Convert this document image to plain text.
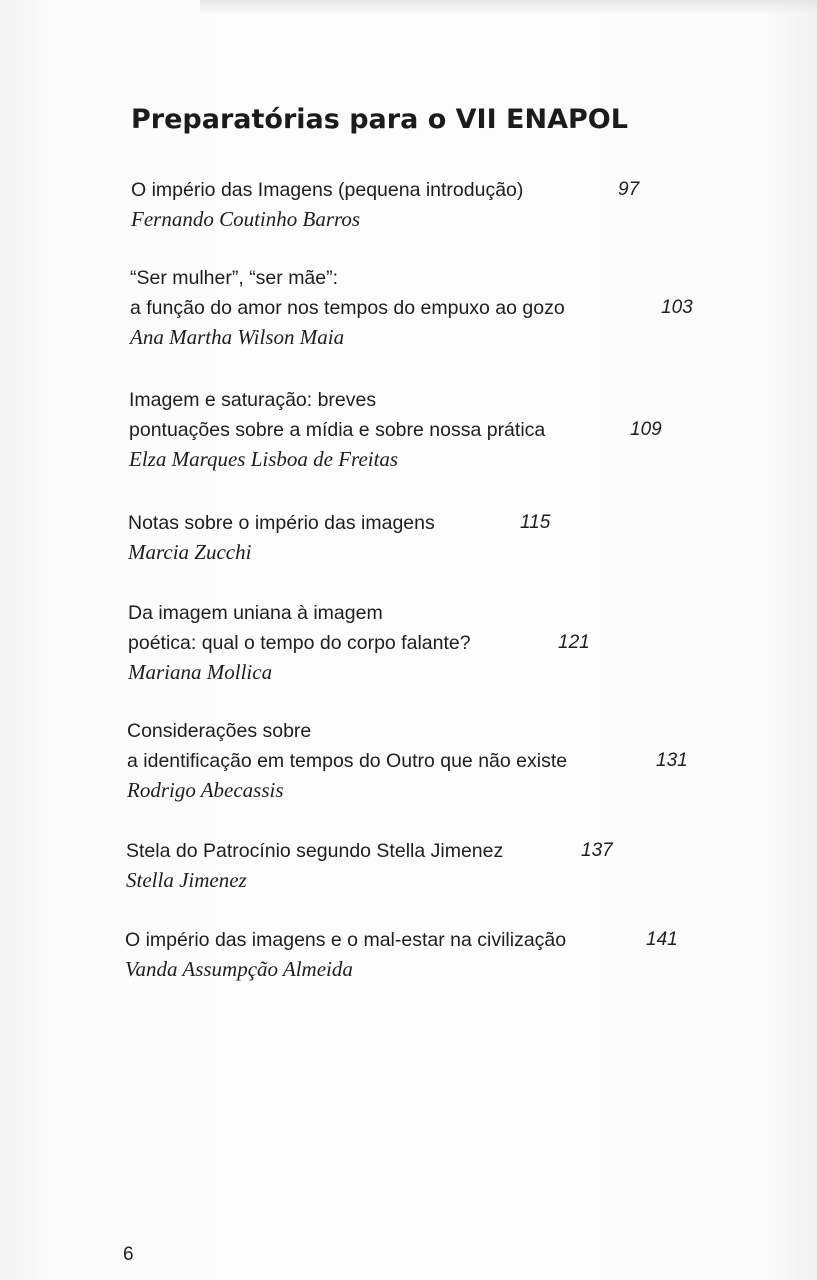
Preparatórias para o VII ENAPOL
O império das Imagens (pequena introdução)	97
Fernando Coutinho Barros
“Ser mulher”, “ser mãe”:
a função do amor nos tempos do empuxo ao gozo	103
Ana Martha Wilson Maia
Imagem e saturação: breves
pontuações sobre a mídia e sobre nossa prática	109
Elza Marques Lisboa de Freitas
Notas sobre o império das imagens	115
Marcia Zucchi
Da imagem uniana à imagem
poética: qual o tempo do corpo falante?	121
Mariana Mollica
Considerações sobre
a identificação em tempos do Outro que não existe	131
Rodrigo Abecassis
Stela do Patrocínio segundo Stella Jimenez	137
Stella Jimenez
O império das imagens e o mal-estar na civilização	141
Vanda Assumpção Almeida
6
